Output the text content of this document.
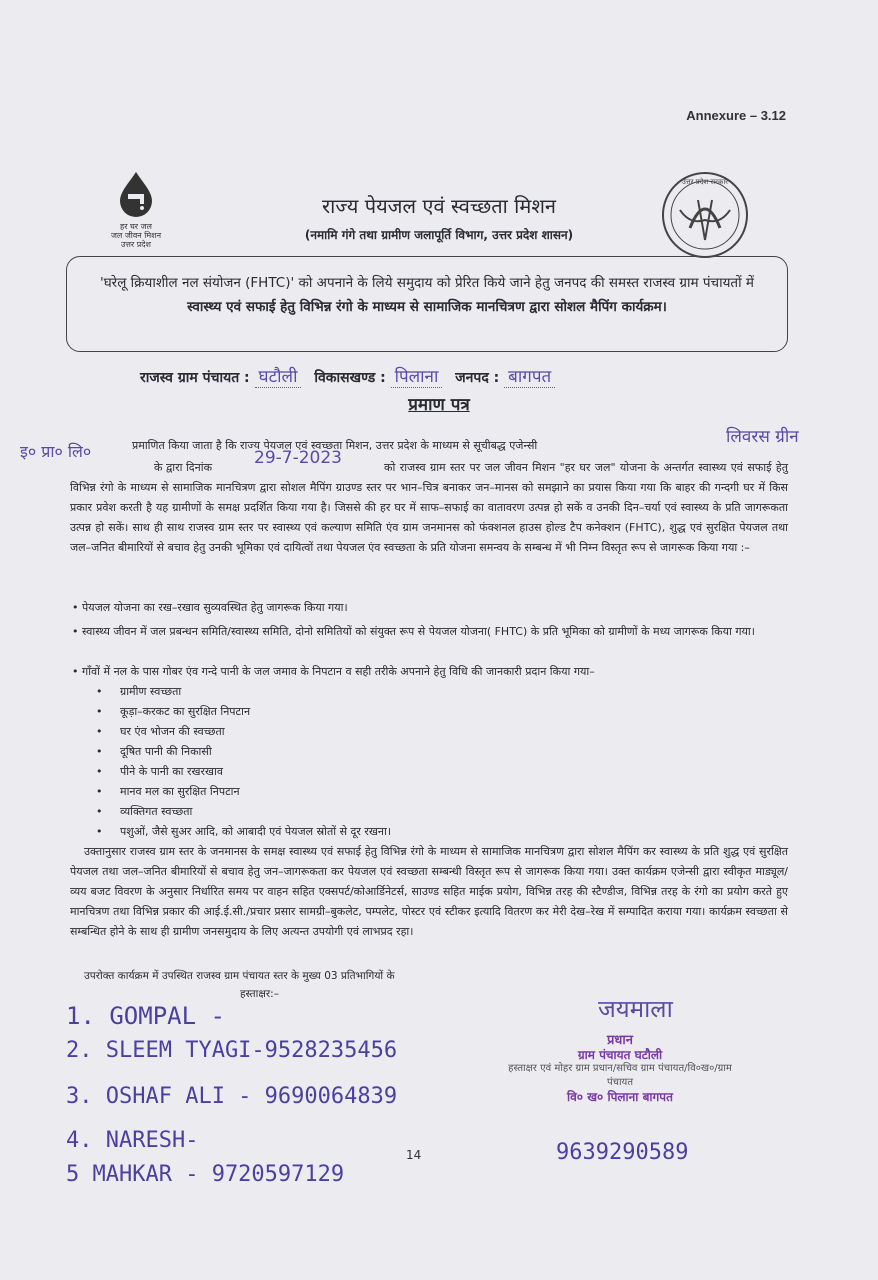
Annexure – 3.12
हर घर जल
जल जीवन मिशन
उत्तर प्रदेश
उत्तर प्रदेश सरकार
राज्य पेयजल एवं स्वच्छता मिशन
(नमामि गंगे तथा ग्रामीण जलापूर्ति विभाग, उत्तर प्रदेश शासन)
'घरेलू क्रियाशील नल संयोजन (FHTC)' को अपनाने के लिये समुदाय को प्रेरित किये जाने हेतु जनपद की समस्त राजस्व ग्राम पंचायतों में स्वास्थ्य एवं सफाई हेतु विभिन्न रंगो के माध्यम से सामाजिक मानचित्रण द्वारा सोशल मैपिंग कार्यक्रम।
राजस्व ग्राम पंचायत : घटौली विकासखण्ड : पिलाना जनपद : बागपत
प्रमाण पत्र
इ० प्रा० लि०
लिवरस ग्रीन
प्रमाणित किया जाता है कि राज्य पेयजल एवं स्वच्छता मिशन, उत्तर प्रदेश के माध्यम से सूचीबद्ध एजेन्सी
के द्वारा दिनांक	29-7-2023	को राजस्व ग्राम स्तर पर जल जीवन मिशन "हर घर जल" योजना के अन्तर्गत स्वास्थ्य एवं सफाई हेतु विभिन्न रंगो के माध्यम से सामाजिक मानचित्रण द्वारा सोशल मैपिंग ग्राउण्ड स्तर पर भान–चित्र बनाकर जन–मानस को समझाने का प्रयास किया गया कि बाहर की गन्दगी घर में किस प्रकार प्रवेश करती है यह ग्रामीणों के समक्ष प्रदर्शित किया गया है। जिससे की हर घर में साफ–सफाई का वातावरण उत्पन्न हो सकें व उनकी दिन–चर्या एवं स्वास्थ्य के प्रति जागरूकता उत्पन्न हो सकें। साथ ही साथ राजस्व ग्राम स्तर पर स्वास्थ्य एवं कल्याण समिति एंव ग्राम जनमानस को फंक्शनल हाउस होल्ड टैप कनेक्शन (FHTC), शुद्ध एवं सुरक्षित पेयजल तथा जल–जनित बीमारियों से बचाव हेतु उनकी भूमिका एवं दायित्वों तथा पेयजल एंव स्वच्छता के प्रति योजना समन्वय के सम्बन्ध में भी निम्न विस्तृत रूप से जागरूक किया गया :–
• पेयजल योजना का रख–रखाव सुव्यवस्थित हेतु जागरूक किया गया।
• स्वास्थ्य जीवन में जल प्रबन्धन समिति/स्वास्थ्य समिति, दोनो समितियों को संयुक्त रूप से पेयजल योजना( FHTC) के प्रति भूमिका को ग्रामीणों के मध्य जागरूक किया गया।
• गाँवों में नल के पास गोबर एंव गन्दे पानी के जल जमाव के निपटान व सही तरीके अपनाने हेतु विधि की जानकारी प्रदान किया गया–
• ग्रामीण स्वच्छता
• कूड़ा–करकट का सुरक्षित निपटान
• घर एंव भोजन की स्वच्छता
• दूषित पानी की निकासी
• पीने के पानी का रखरखाव
• मानव मल का सुरक्षित निपटान
• व्यक्तिगत स्वच्छता
• पशुओं, जैसे सुअर आदि, को आबादी एवं पेयजल स्रोतों से दूर रखना।
उक्तानुसार राजस्व ग्राम स्तर के जनमानस के समक्ष स्वास्थ्य एवं सफाई हेतु विभिन्न रंगो के माध्यम से सामाजिक मानचित्रण द्वारा सोशल मैपिंग कर स्वास्थ्य के प्रति शुद्ध एवं सुरक्षित पेयजल तथा जल–जनित बीमारियों से बचाव हेतु जन–जागरूकता कर पेयजल एवं स्वच्छता सम्बन्धी विस्तृत रूप से जागरूक किया गया। उक्त कार्यक्रम एजेन्सी द्वारा स्वीकृत माड्यूल/व्यय बजट विवरण के अनुसार निर्धारित समय पर वाहन सहित एक्सपर्ट/कोआर्डिनेटर्स, साउण्ड सहित माईक प्रयोग, विभिन्न तरह की स्टैण्डीज, विभिन्न तरह के रंगो का प्रयोग करते हुए मानचित्रण तथा विभिन्न प्रकार की आई.ई.सी./प्रचार प्रसार सामग्री–बुकलेट, पम्पलेट, पोस्टर एवं स्टीकर इत्यादि वितरण कर मेरी देख–रेख में सम्पादित कराया गया। कार्यक्रम स्वच्छता से सम्बन्धित होने के साथ ही ग्रामीण जनसमुदाय के लिए अत्यन्त उपयोगी एवं लाभप्रद रहा।
उपरोक्त कार्यक्रम में उपस्थित राजस्व ग्राम पंचायत स्तर के मुख्य 03 प्रतिभागियों के
हस्ताक्षर:–
1. GOMPAL -
2. SLEEM TYAGI-9528235456
3. OSHAF ALI - 9690064839
4. NARESH-
5 MAHKAR - 9720597129
जयमाला
प्रधान
ग्राम पंचायत घटौली
हस्ताक्षर एवं मोहर ग्राम प्रधान/सचिव ग्राम पंचायत/वि०ख०/ग्राम पंचायत
वि० ख० पिलाना बागपत
9639290589
14
